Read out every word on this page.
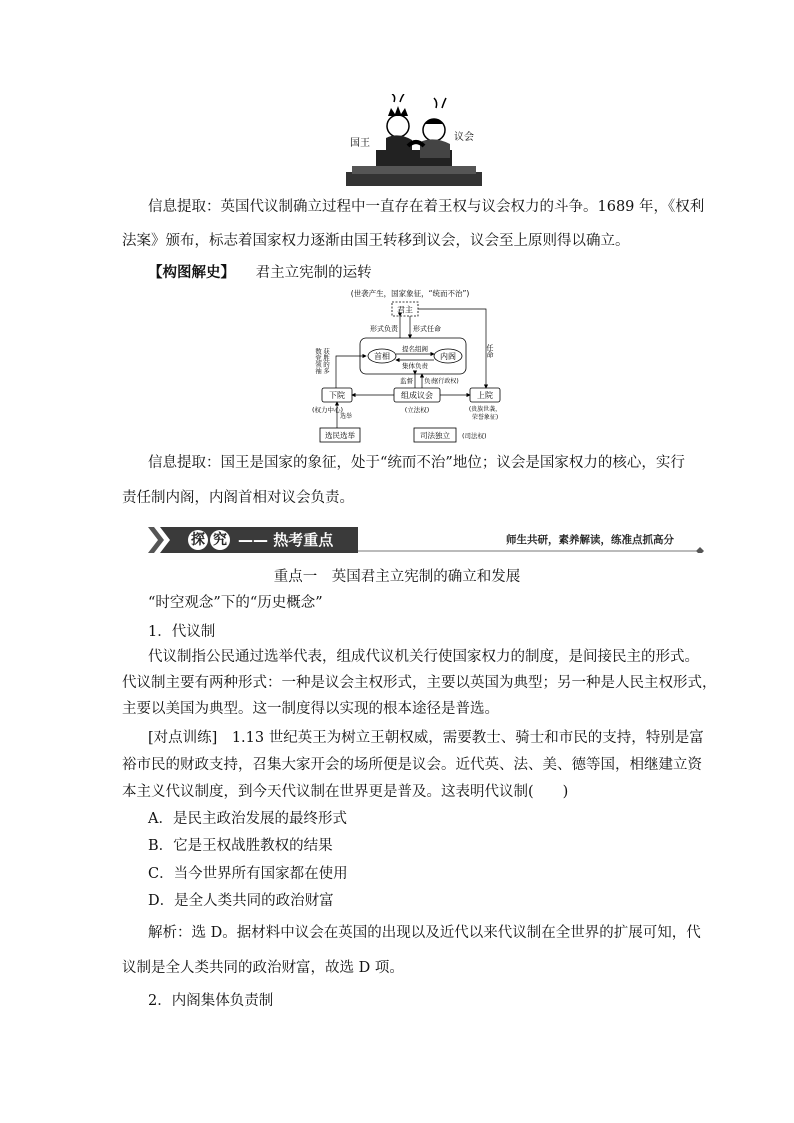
国王
议会
信息提取：英国代议制确立过程中一直存在着王权与议会权力的斗争。1689 年，《权利
法案》颁布，标志着国家权力逐渐由国王转移到议会，议会至上原则得以确立。
【构图解史】 君主立宪制的运转
(世袭产生，国家象征，“统而不治”)
君主
形式负责 形式任命
任命
首相	内阁
提名组阁
集体负责
获胜的多
数党领袖
监督 负责 (行政权)
下院	组成议会	上院
(权力中心)	(立法权)	(贵族世袭，
荣誉象征)
选举
选民选举	司法独立 (司法权)
信息提取：国王是国家的象征，处于“统而不治”地位；议会是国家权力的核心，实行
责任制内阁，内阁首相对议会负责。
探 究 —— 热考重点	师生共研，素养解读，练准点抓高分
重点一　英国君主立宪制的确立和发展
“时空观念”下的“历史概念”
1．代议制
代议制指公民通过选举代表，组成代议机关行使国家权力的制度，是间接民主的形式。
代议制主要有两种形式：一种是议会主权形式，主要以英国为典型；另一种是人民主权形式，
主要以美国为典型。这一制度得以实现的根本途径是普选。
[对点训练]　1.13 世纪英王为树立王朝权威，需要教士、骑士和市民的支持，特别是富
裕市民的财政支持，召集大家开会的场所便是议会。近代英、法、美、德等国，相继建立资
本主义代议制度，到今天代议制在世界更是普及。这表明代议制(　　)
A．是民主政治发展的最终形式
B．它是王权战胜教权的结果
C．当今世界所有国家都在使用
D．是全人类共同的政治财富
解析：选 D。据材料中议会在英国的出现以及近代以来代议制在全世界的扩展可知，代
议制是全人类共同的政治财富，故选 D 项。
2．内阁集体负责制
